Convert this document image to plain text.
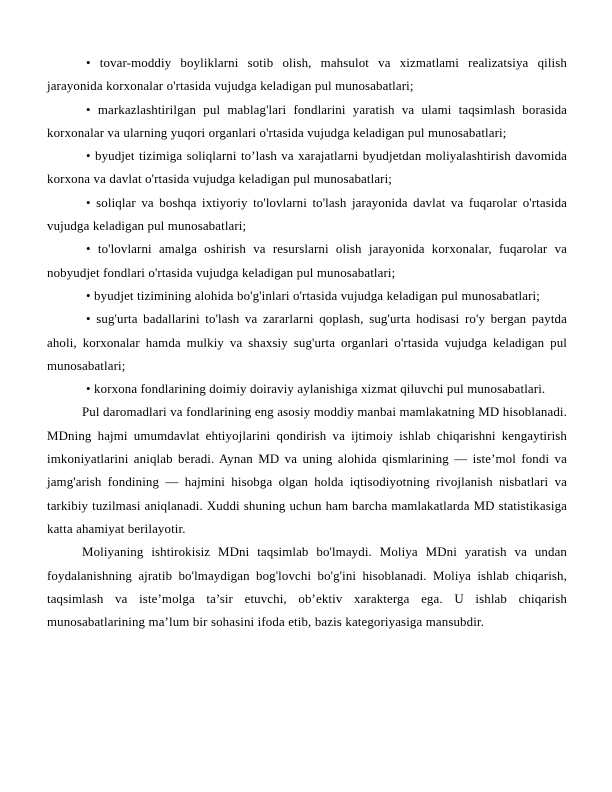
• tovar-moddiy boyliklarni sotib olish, mahsulot va xizmatlami realizatsiya qilish jarayonida korxonalar o'rtasida vujudga keladigan pul munosabatlari;

• markazlashtirilgan pul mablag'lari fondlarini yaratish va ulami taqsimlash borasida korxonalar va ularning yuqori organlari o'rtasida vujudga keladigan pul munosabatlari;

• byudjet tizimiga soliqlarni to’lash va xarajatlarni byudjetdan moliyalashtirish davomida korxona va davlat o'rtasida vujudga keladigan pul munosabatlari;

• soliqlar va boshqa ixtiyoriy to'lovlarni to'lash jarayonida davlat va fuqarolar o'rtasida vujudga keladigan pul munosabatlari;

• to'lovlarni amalga oshirish va resurslarni olish jarayonida korxonalar, fuqarolar va nobyudjet fondlari o'rtasida vujudga keladigan pul munosabatlari;

• byudjet tizimining alohida bo'g'inlari o'rtasida vujudga keladigan pul munosabatlari;

• sug'urta badallarini to'lash va zararlarni qoplash, sug'urta hodisasi ro'y bergan paytda aholi, korxonalar hamda mulkiy va shaxsiy sug'urta organlari o'rtasida vujudga keladigan pul munosabatlari;

• korxona fondlarining doimiy doiraviy aylanishiga xizmat qiluvchi pul munosabatlari.

Pul daromadlari va fondlarining eng asosiy moddiy manbai mamlakatning MD hisoblanadi. MDning hajmi umumdavlat ehtiyojlarini qondirish va ijtimoiy ishlab chiqarishni kengaytirish imkoniyatlarini aniqlab beradi. Aynan MD va uning alohida qismlarining — iste’mol fondi va jamg'arish fondining — hajmini hisobga olgan holda iqtisodiyotning rivojlanish nisbatlari va tarkibiy tuzilmasi aniqlanadi. Xuddi shuning uchun ham barcha mamlakatlarda MD statistikasiga katta ahamiyat berilayotir.

Moliyaning ishtirokisiz MDni taqsimlab bo'lmaydi. Moliya MDni yaratish va undan foydalanishning ajratib bo'lmaydigan bog'lovchi bo'g'ini hisoblanadi. Moliya ishlab chiqarish, taqsimlash va iste’molga ta’sir etuvchi, ob’ektiv xarakterga ega. U ishlab chiqarish munosabatlarining ma’lum bir sohasini ifoda etib, bazis kategoriyasiga mansubdir.
